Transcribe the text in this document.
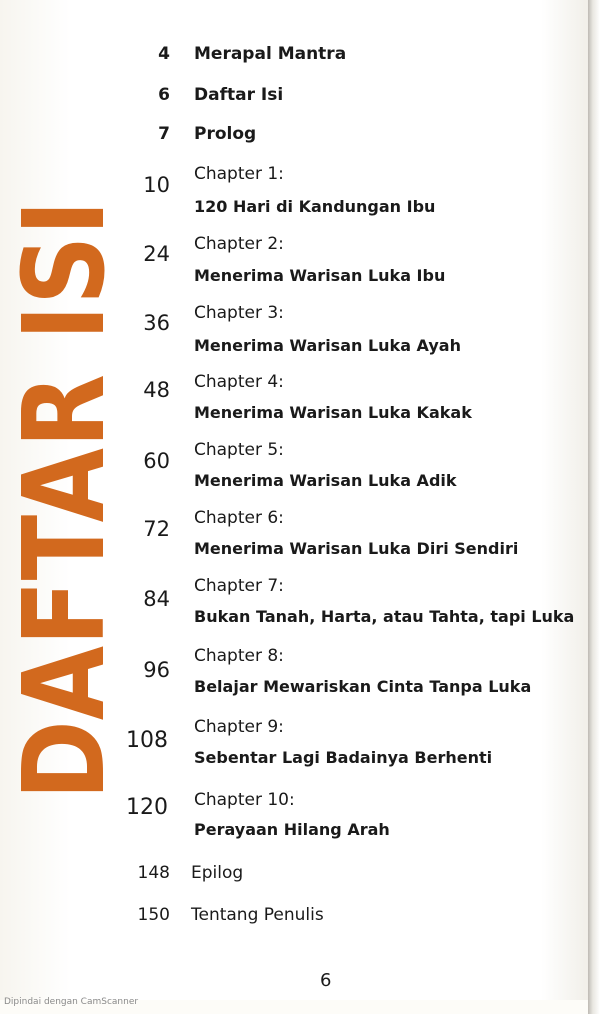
DAFTAR ISI
4 Merapal Mantra
6 Daftar Isi
7 Prolog
10 Chapter 1:
120 Hari di Kandungan Ibu
24 Chapter 2:
Menerima Warisan Luka Ibu
36 Chapter 3:
Menerima Warisan Luka Ayah
48 Chapter 4:
Menerima Warisan Luka Kakak
60 Chapter 5:
Menerima Warisan Luka Adik
72 Chapter 6:
Menerima Warisan Luka Diri Sendiri
84
Chapter 7:
Bukan Tanah, Harta, atau Tahta, tapi Luka
96
Chapter 8:
Belajar Mewariskan Cinta Tanpa Luka
108
Chapter 9:
Sebentar Lagi Badainya Berhenti
120 Chapter 10:
Perayaan Hilang Arah
148 Epilog
150 Tentang Penulis
6
Dipindai dengan CamScanner
